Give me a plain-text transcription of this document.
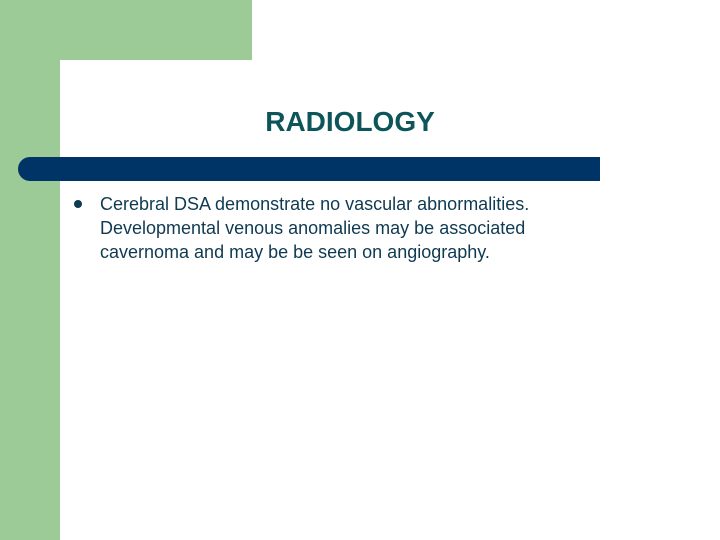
RADIOLOGY
Cerebral DSA demonstrate no vascular abnormalities. Developmental venous anomalies may be associated cavernoma and may be be seen on angiography.
